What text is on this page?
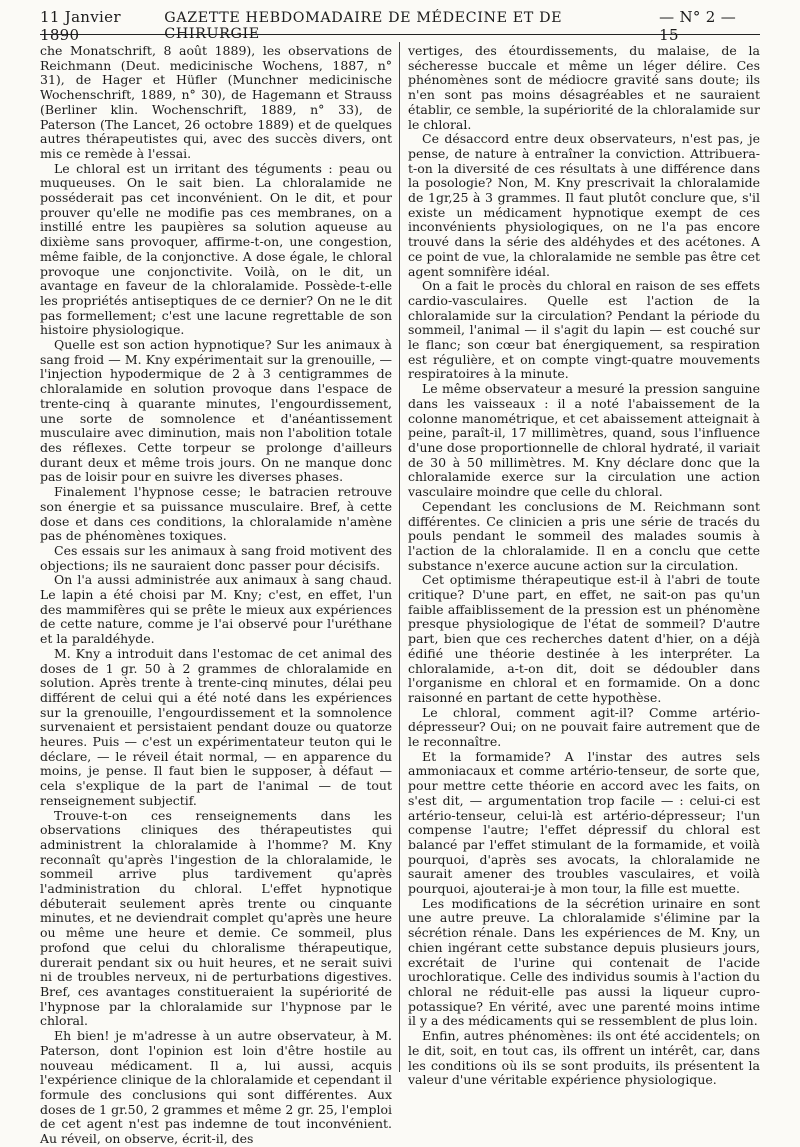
11 Janvier 1890
GAZETTE HEBDOMADAIRE DE MÉDECINE ET DE CHIRURGIE
— N° 2 — 15

che Monatschrift, 8 août 1889), les observations de Reichmann (Deut. medicinische Wochens, 1887, n° 31), de Hager et Hüfler (Munchner medicinische Wochenschrift, 1889, n° 30), de Hagemann et Strauss (Berliner klin. Wochenschrift, 1889, n° 33), de Paterson (The Lancet, 26 octobre 1889) et de quelques autres thérapeutistes qui, avec des succès divers, ont mis ce remède à l'essai.

Le chloral est un irritant des téguments : peau ou muqueuses. On le sait bien. La chloralamide ne posséderait pas cet inconvénient. On le dit, et pour prouver qu'elle ne modifie pas ces membranes, on a instillé entre les paupières sa solution aqueuse au dixième sans provoquer, affirme-t-on, une congestion, même faible, de la conjonctive. A dose égale, le chloral provoque une conjonctivite. Voilà, on le dit, un avantage en faveur de la chloralamide. Possède-t-elle les propriétés antiseptiques de ce dernier? On ne le dit pas formellement; c'est une lacune regrettable de son histoire physiologique.

Quelle est son action hypnotique? Sur les animaux à sang froid — M. Kny expérimentait sur la grenouille, — l'injection hypodermique de 2 à 3 centigrammes de chloralamide en solution provoque dans l'espace de trente-cinq à quarante minutes, l'engourdissement, une sorte de somnolence et d'anéantissement musculaire avec diminution, mais non l'abolition totale des réflexes. Cette torpeur se prolonge d'ailleurs durant deux et même trois jours. On ne manque donc pas de loisir pour en suivre les diverses phases.

Finalement l'hypnose cesse; le batracien retrouve son énergie et sa puissance musculaire. Bref, à cette dose et dans ces conditions, la chloralamide n'amène pas de phénomènes toxiques.

Ces essais sur les animaux à sang froid motivent des objections; ils ne sauraient donc passer pour décisifs.

On l'a aussi administrée aux animaux à sang chaud. Le lapin a été choisi par M. Kny; c'est, en effet, l'un des mammifères qui se prête le mieux aux expériences de cette nature, comme je l'ai observé pour l'uréthane et la paraldéhyde.

M. Kny a introduit dans l'estomac de cet animal des doses de 1 gr. 50 à 2 grammes de chloralamide en solution. Après trente à trente-cinq minutes, délai peu différent de celui qui a été noté dans les expériences sur la grenouille, l'engourdissement et la somnolence survenaient et persistaient pendant douze ou quatorze heures. Puis — c'est un expérimentateur teuton qui le déclare, — le réveil était normal, — en apparence du moins, je pense. Il faut bien le supposer, à défaut — cela s'explique de la part de l'animal — de tout renseignement subjectif.

Trouve-t-on ces renseignements dans les observations cliniques des thérapeutistes qui administrent la chloralamide à l'homme? M. Kny reconnaît qu'après l'ingestion de la chloralamide, le sommeil arrive plus tardivement qu'après l'administration du chloral. L'effet hypnotique débuterait seulement après trente ou cinquante minutes, et ne deviendrait complet qu'après une heure ou même une heure et demie. Ce sommeil, plus profond que celui du chloralisme thérapeutique, durerait pendant six ou huit heures, et ne serait suivi ni de troubles nerveux, ni de perturbations digestives. Bref, ces avantages constitueraient la supériorité de l'hypnose par la chloralamide sur l'hypnose par le chloral.

Eh bien! je m'adresse à un autre observateur, à M. Paterson, dont l'opinion est loin d'être hostile au nouveau médicament. Il a, lui aussi, acquis l'expérience clinique de la chloralamide et cependant il formule des conclusions qui sont différentes. Aux doses de 1 gr.50, 2 grammes et même 2 gr. 25, l'emploi de cet agent n'est pas indemne de tout inconvénient. Au réveil, on observe, écrit-il, des

vertiges, des étourdissements, du malaise, de la sécheresse buccale et même un léger délire. Ces phénomènes sont de médiocre gravité sans doute; ils n'en sont pas moins désagréables et ne sauraient établir, ce semble, la supériorité de la chloralamide sur le chloral.

Ce désaccord entre deux observateurs, n'est pas, je pense, de nature à entraîner la conviction. Attribuera-t-on la diversité de ces résultats à une différence dans la posologie? Non, M. Kny prescrivait la chloralamide de 1gr,25 à 3 grammes. Il faut plutôt conclure que, s'il existe un médicament hypnotique exempt de ces inconvénients physiologiques, on ne l'a pas encore trouvé dans la série des aldéhydes et des acétones. A ce point de vue, la chloralamide ne semble pas être cet agent somnifère idéal.

On a fait le procès du chloral en raison de ses effets cardio-vasculaires. Quelle est l'action de la chloralamide sur la circulation? Pendant la période du sommeil, l'animal — il s'agit du lapin — est couché sur le flanc; son cœur bat énergiquement, sa respiration est régulière, et on compte vingt-quatre mouvements respiratoires à la minute.

Le même observateur a mesuré la pression sanguine dans les vaisseaux : il a noté l'abaissement de la colonne manométrique, et cet abaissement atteignait à peine, paraît-il, 17 millimètres, quand, sous l'influence d'une dose proportionnelle de chloral hydraté, il variait de 30 à 50 millimètres. M. Kny déclare donc que la chloralamide exerce sur la circulation une action vasculaire moindre que celle du chloral.

Cependant les conclusions de M. Reichmann sont différentes. Ce clinicien a pris une série de tracés du pouls pendant le sommeil des malades soumis à l'action de la chloralamide. Il en a conclu que cette substance n'exerce aucune action sur la circulation.

Cet optimisme thérapeutique est-il à l'abri de toute critique? D'une part, en effet, ne sait-on pas qu'un faible affaiblissement de la pression est un phénomène presque physiologique de l'état de sommeil? D'autre part, bien que ces recherches datent d'hier, on a déjà édifié une théorie destinée à les interpréter. La chloralamide, a-t-on dit, doit se dédoubler dans l'organisme en chloral et en formamide. On a donc raisonné en partant de cette hypothèse.

Le chloral, comment agit-il? Comme artério-dépresseur? Oui; on ne pouvait faire autrement que de le reconnaître.

Et la formamide? A l'instar des autres sels ammoniacaux et comme artério-tenseur, de sorte que, pour mettre cette théorie en accord avec les faits, on s'est dit, — argumentation trop facile — : celui-ci est artério-tenseur, celui-là est artério-dépresseur; l'un compense l'autre; l'effet dépressif du chloral est balancé par l'effet stimulant de la formamide, et voilà pourquoi, d'après ses avocats, la chloralamide ne saurait amener des troubles vasculaires, et voilà pourquoi, ajouterai-je à mon tour, la fille est muette.

Les modifications de la sécrétion urinaire en sont une autre preuve. La chloralamide s'élimine par la sécrétion rénale. Dans les expériences de M. Kny, un chien ingérant cette substance depuis plusieurs jours, excrétait de l'urine qui contenait de l'acide urochloratique. Celle des individus soumis à l'action du chloral ne réduit-elle pas aussi la liqueur cupro-potassique? En vérité, avec une parenté moins intime il y a des médicaments qui se ressemblent de plus loin.

Enfin, autres phénomènes: ils ont été accidentels; on le dit, soit, en tout cas, ils offrent un intérêt, car, dans les conditions où ils se sont produits, ils présentent la valeur d'une véritable expérience physiologique.
